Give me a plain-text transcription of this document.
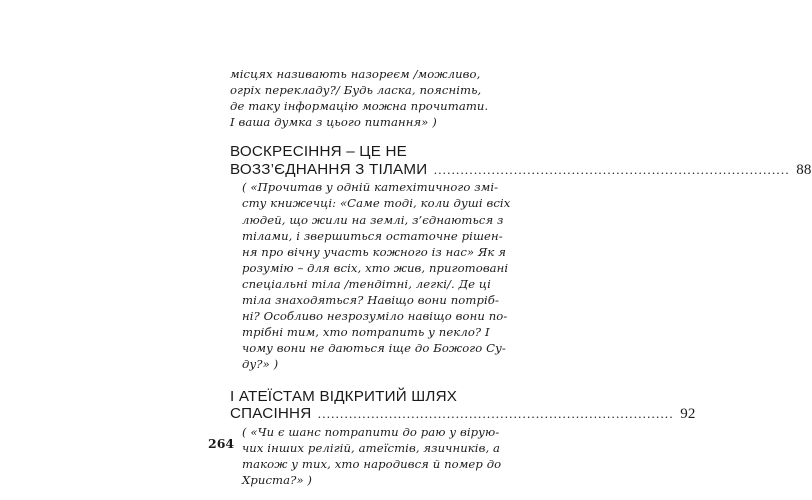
місцях називають назореєм /можливо,
огріх перекладу?/ Будь ласка, поясніть,
де таку інформацію можна прочитати.
І ваша думка з цього питання» )

ВОСКРЕСІННЯ – ЦЕ НЕ
ВОЗЗ’ЄДНАННЯ З ТІЛАМИ .....	88

( «Прочитав у одній катехітичного змі-
сту книжечці: «Саме тоді, коли душі всіх
людей, що жили на землі, з’єднаються з
тілами, і звершиться остаточне рішен-
ня про вічну участь кожного із нас» Як я
розумію – для всіх, хто жив, приготовані
спеціальні тіла /тендітні, легкі/. Де ці
тіла знаходяться? Навіщо вони потріб-
ні? Особливо незрозуміло навіщо вони по-
трібні тим, хто потрапить у пекло? І
чому вони не даються іще до Божого Су-
ду?» )

І АТЕЇСТАМ ВІДКРИТИЙ ШЛЯХ
СПАСІННЯ .....	92

( «Чи є шанс потрапити до раю у вірую-
чих інших релігій, атеїстів, язичників, а
також у тих, хто народився й помер до
Христа?» )

264
